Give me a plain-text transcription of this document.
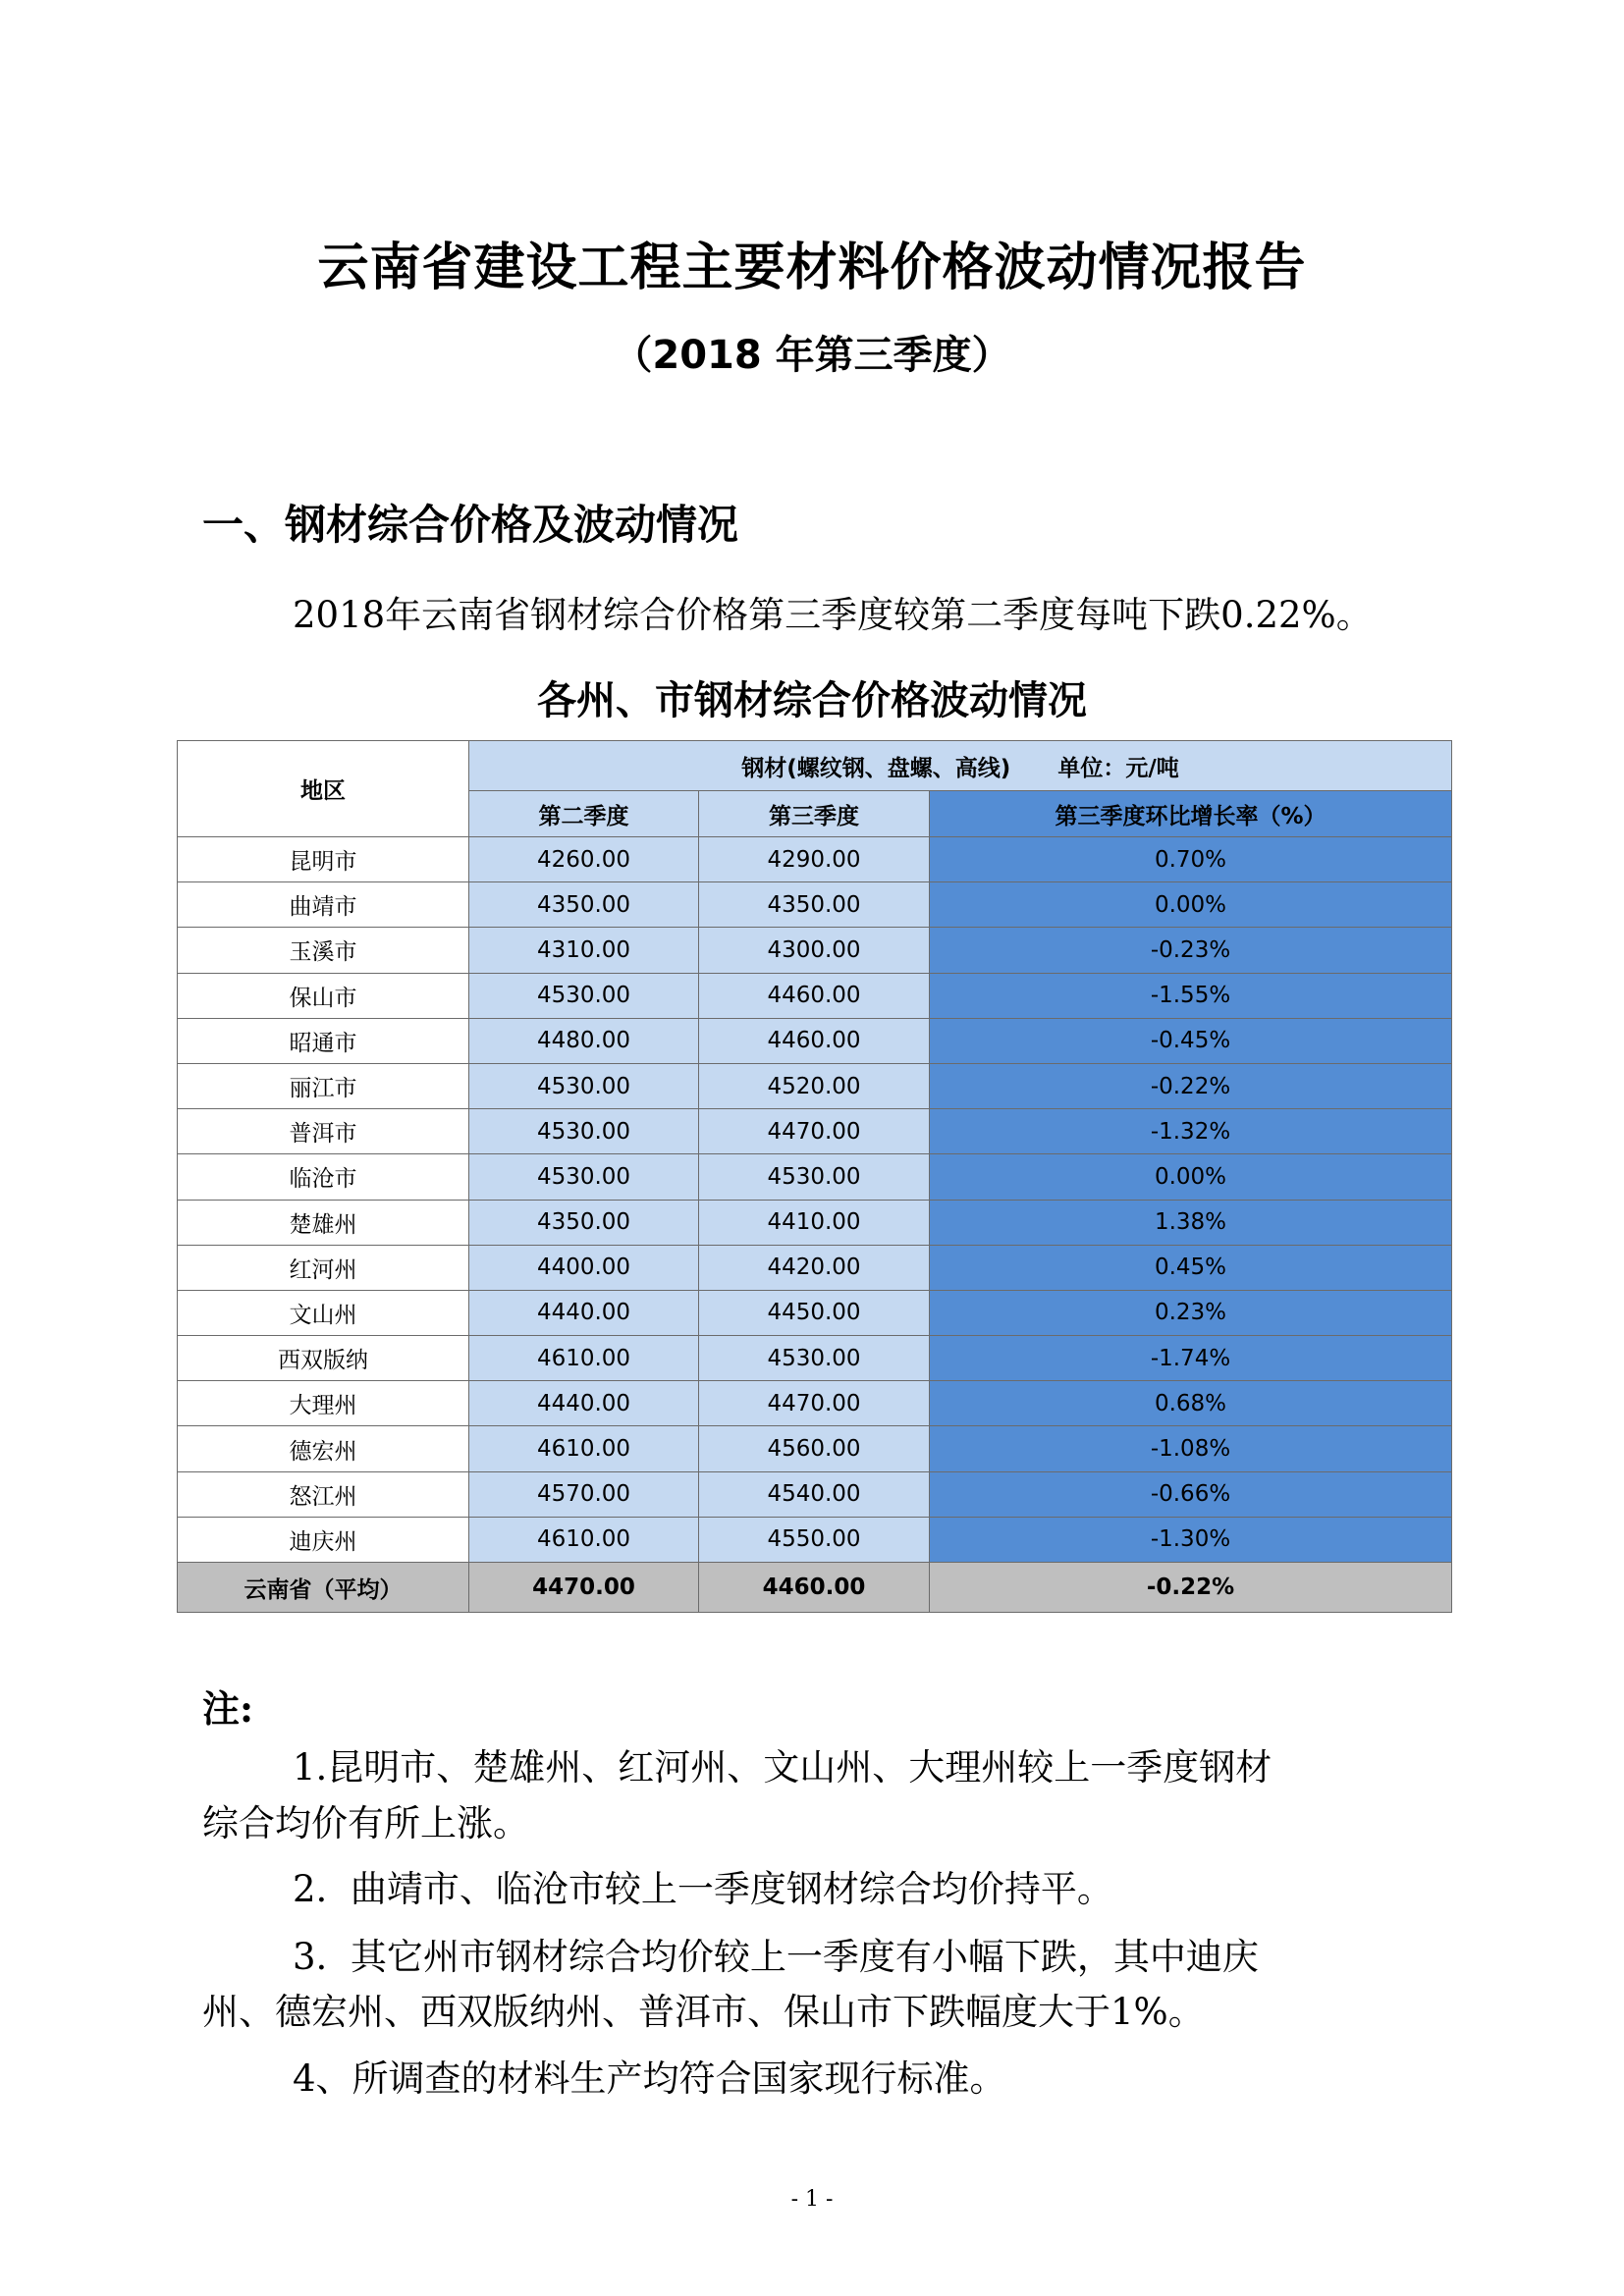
云南省建设工程主要材料价格波动情况报告
（2018 年第三季度）
一、钢材综合价格及波动情况
2018年云南省钢材综合价格第三季度较第二季度每吨下跌0.22%。
各州、市钢材综合价格波动情况
地区	钢材(螺纹钢、盘螺、高线)      单位：元/吨		
	第二季度	第三季度	第三季度环比增长率（%）
昆明市	4260.00	4290.00	0.70%
曲靖市	4350.00	4350.00	0.00%
玉溪市	4310.00	4300.00	-0.23%
保山市	4530.00	4460.00	-1.55%
昭通市	4480.00	4460.00	-0.45%
丽江市	4530.00	4520.00	-0.22%
普洱市	4530.00	4470.00	-1.32%
临沧市	4530.00	4530.00	0.00%
楚雄州	4350.00	4410.00	1.38%
红河州	4400.00	4420.00	0.45%
文山州	4440.00	4450.00	0.23%
西双版纳	4610.00	4530.00	-1.74%
大理州	4440.00	4470.00	0.68%
德宏州	4610.00	4560.00	-1.08%
怒江州	4570.00	4540.00	-0.66%
迪庆州	4610.00	4550.00	-1.30%
云南省（平均）	4470.00	4460.00	-0.22%
注:
1.昆明市、楚雄州、红河州、文山州、大理州较上一季度钢材
综合均价有所上涨。
2.  曲靖市、临沧市较上一季度钢材综合均价持平。
3.  其它州市钢材综合均价较上一季度有小幅下跌，其中迪庆
州、德宏州、西双版纳州、普洱市、保山市下跌幅度大于1%。
4、所调查的材料生产均符合国家现行标准。
- 1 -
